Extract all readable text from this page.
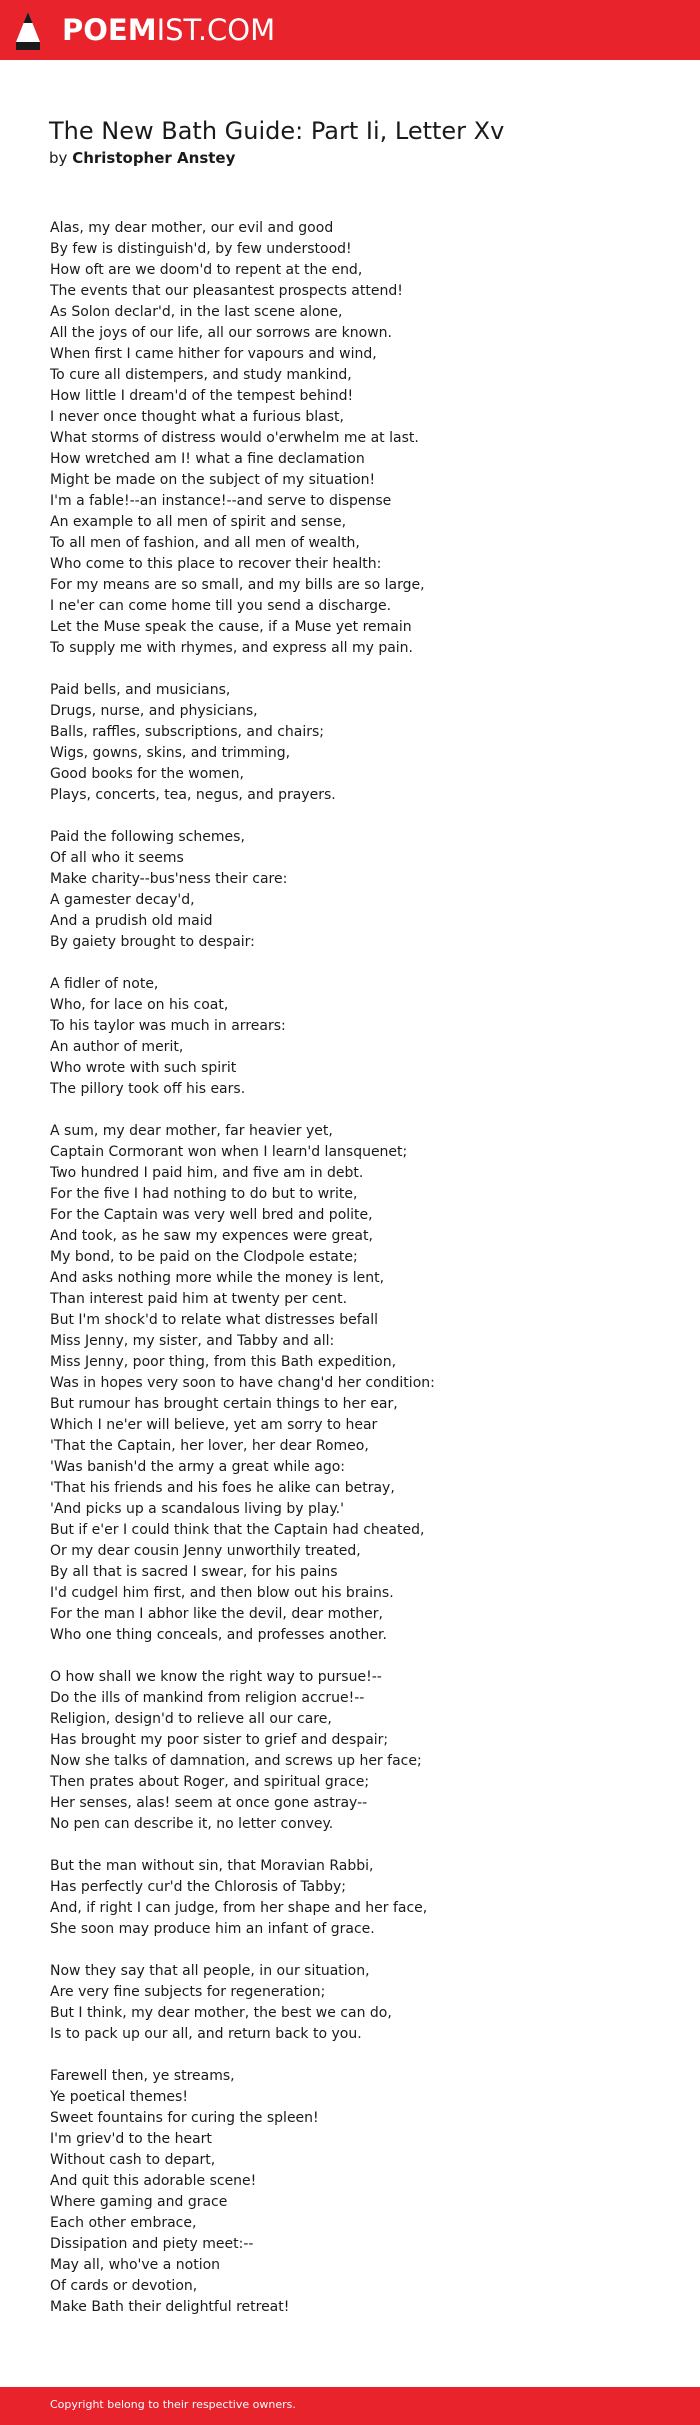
POEMIST.COM
The New Bath Guide: Part Ii, Letter Xv
by Christopher Anstey
Alas, my dear mother, our evil and good
By few is distinguish'd, by few understood!
How oft are we doom'd to repent at the end,
The events that our pleasantest prospects attend!
As Solon declar'd, in the last scene alone,
All the joys of our life, all our sorrows are known.
When first I came hither for vapours and wind,
To cure all distempers, and study mankind,
How little I dream'd of the tempest behind!
I never once thought what a furious blast,
What storms of distress would o'erwhelm me at last.
How wretched am I! what a fine declamation
Might be made on the subject of my situation!
I'm a fable!--an instance!--and serve to dispense
An example to all men of spirit and sense,
To all men of fashion, and all men of wealth,
Who come to this place to recover their health:
For my means are so small, and my bills are so large,
I ne'er can come home till you send a discharge.
Let the Muse speak the cause, if a Muse yet remain
To supply me with rhymes, and express all my pain.
Paid bells, and musicians,
Drugs, nurse, and physicians,
Balls, raffles, subscriptions, and chairs;
Wigs, gowns, skins, and trimming,
Good books for the women,
Plays, concerts, tea, negus, and prayers.
Paid the following schemes,
Of all who it seems
Make charity--bus'ness their care:
A gamester decay'd,
And a prudish old maid
By gaiety brought to despair:
A fidler of note,
Who, for lace on his coat,
To his taylor was much in arrears:
An author of merit,
Who wrote with such spirit
The pillory took off his ears.
A sum, my dear mother, far heavier yet,
Captain Cormorant won when I learn'd lansquenet;
Two hundred I paid him, and five am in debt.
For the five I had nothing to do but to write,
For the Captain was very well bred and polite,
And took, as he saw my expences were great,
My bond, to be paid on the Clodpole estate;
And asks nothing more while the money is lent,
Than interest paid him at twenty per cent.
But I'm shock'd to relate what distresses befall
Miss Jenny, my sister, and Tabby and all:
Miss Jenny, poor thing, from this Bath expedition,
Was in hopes very soon to have chang'd her condition:
But rumour has brought certain things to her ear,
Which I ne'er will believe, yet am sorry to hear
'That the Captain, her lover, her dear Romeo,
'Was banish'd the army a great while ago:
'That his friends and his foes he alike can betray,
'And picks up a scandalous living by play.'
But if e'er I could think that the Captain had cheated,
Or my dear cousin Jenny unworthily treated,
By all that is sacred I swear, for his pains
I'd cudgel him first, and then blow out his brains.
For the man I abhor like the devil, dear mother,
Who one thing conceals, and professes another.
O how shall we know the right way to pursue!--
Do the ills of mankind from religion accrue!--
Religion, design'd to relieve all our care,
Has brought my poor sister to grief and despair;
Now she talks of damnation, and screws up her face;
Then prates about Roger, and spiritual grace;
Her senses, alas! seem at once gone astray--
No pen can describe it, no letter convey.
But the man without sin, that Moravian Rabbi,
Has perfectly cur'd the Chlorosis of Tabby;
And, if right I can judge, from her shape and her face,
She soon may produce him an infant of grace.
Now they say that all people, in our situation,
Are very fine subjects for regeneration;
But I think, my dear mother, the best we can do,
Is to pack up our all, and return back to you.
Farewell then, ye streams,
Ye poetical themes!
Sweet fountains for curing the spleen!
I'm griev'd to the heart
Without cash to depart,
And quit this adorable scene!
Where gaming and grace
Each other embrace,
Dissipation and piety meet:--
May all, who've a notion
Of cards or devotion,
Make Bath their delightful retreat!
Copyright belong to their respective owners.
